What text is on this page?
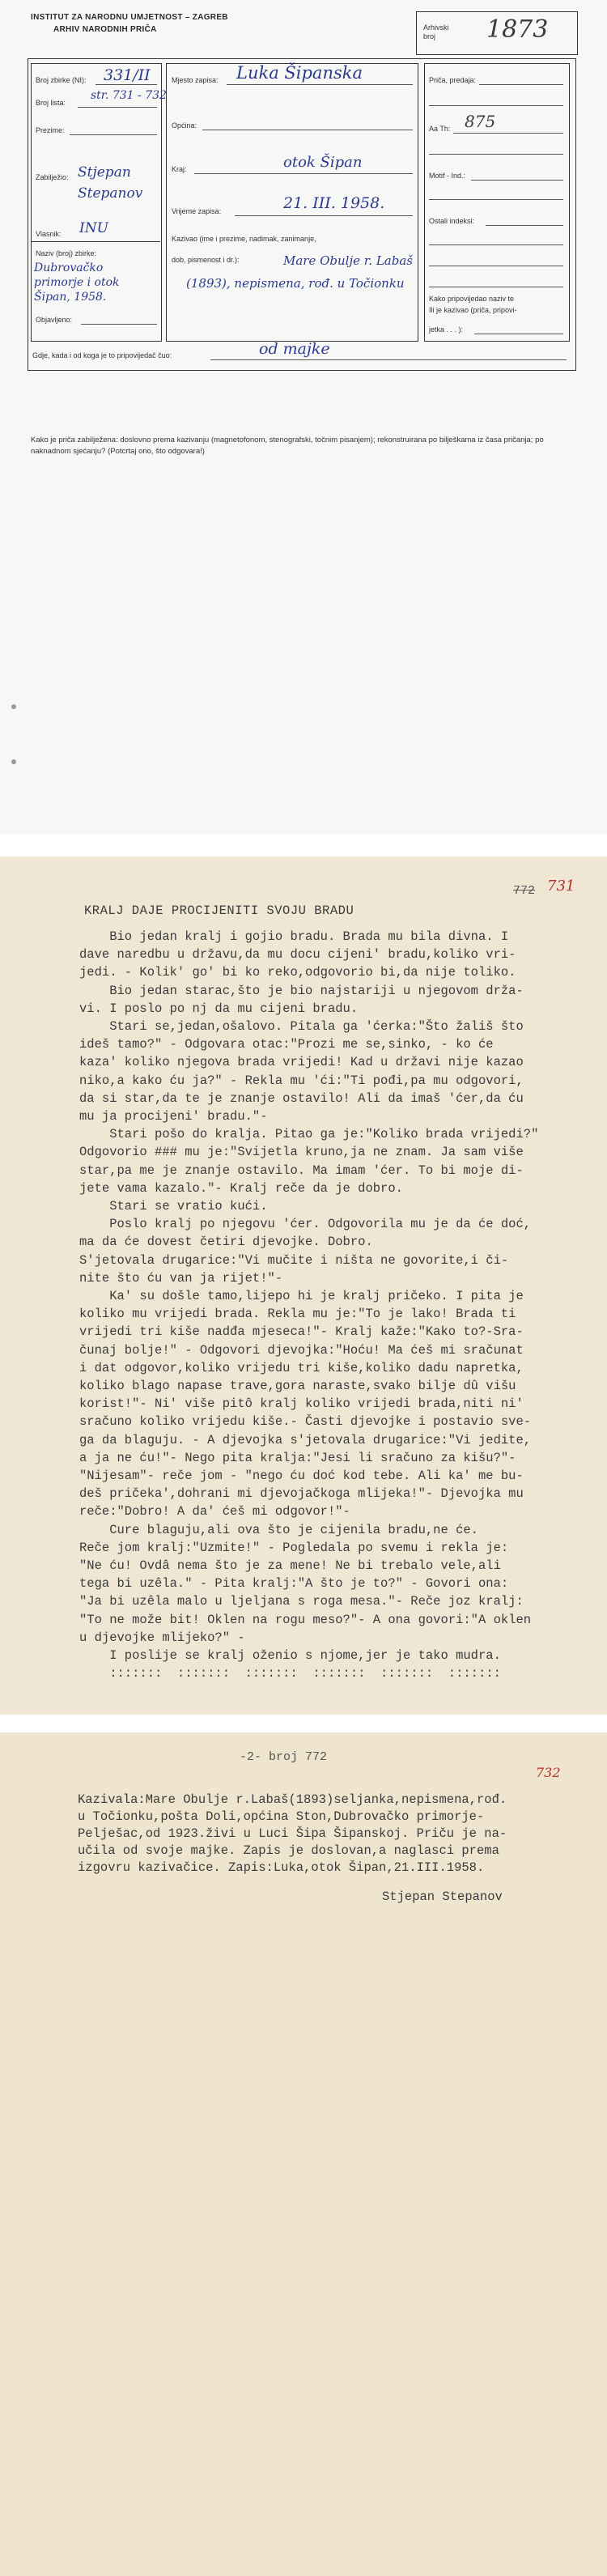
INSTITUT ZA NARODNU UMJETNOST – ZAGREB
ARHIV NARODNIH PRIČA	Arhivski broj	1873
Broj zbirke (NI): 331/II
Broj lista:
str. 731 - 732
Prezime:
Zabilježio: Stjepan Stepanov
Vlasnik: INU
Naziv (broj) zbirke:
Dubrovačko primorje i otok Šipan, 1958.
Objavljeno:
Mjesto zapisa: Luka Šipanska
Općina:
Kraj:	otok Šipan
Vrijeme zapisa:	21. III. 1958.
Kazivao (ime i prezime, nadimak, zanimanje,
dob, pismenost i dr.):	Mare Obulje r. Labaš (1893), nepismena, rođ. u Točionku
Priča, predaja:
Aa Th: 875
Motif - Ind.:
Ostali indeksi:
Kako pripovijedao naziv te
Ili je kazivao (priča, pripovi-
jetka . . . ):
Gdje, kada i od koga je to pripovijedač čuo:	od majke
Kako je priča zabilježena: doslovno prema kazivanju (magnetofonom, stenografski, točnim pisanjem); rekonstruirana po bilješkama iz časa pričanja; po naknadnom sjećanju? (Potcrtaj ono, što odgovara!)
772 731
KRALJ DAJE PROCIJENITI SVOJU BRADU
Bio jedan kralj i gojio bradu. Brada mu bila divna. I
dave naredbu u državu,da mu docu cijeni' bradu,koliko vri-
jedi. - Kolik' go' bi ko reko,odgovorio bi,da nije toliko.
Bio jedan starac,što je bio najstariji u njegovom drža-
vi. I poslo po nj da mu cijeni bradu.
Stari se,jedan,ošalovo. Pitala ga 'ćerka:"Što žališ što
ideš tamo?" - Odgovara otac:"Prozi me se,sinko, - ko će
kaza' koliko njegova brada vrijedi! Kad u državi nije kazao
niko,a kako ću ja?" - Rekla mu 'ći:"Ti pođi,pa mu odgovori,
da si star,da te je znanje ostavilo! Ali da imaš 'ćer,da ću
mu ja procijeni' bradu."-
Stari pošo do kralja. Pitao ga je:"Koliko brada vrijedi?"
Odgovorio ### mu je:"Svijetla kruno,ja ne znam. Ja sam više
star,pa me je znanje ostavilo. Ma imam 'ćer. To bi moje di-
jete vama kazalo."- Kralj reče da je dobro.
Stari se vratio kući.
Poslo kralj po njegovu 'ćer. Odgovorila mu je da će doć,
ma da će dovest četiri djevojke. Dobro.
S'jetovala drugarice:"Vi mučite i ništa ne govorite,i či-
nite što ću van ja rijet!"-
Ka' su došle tamo,lijepo hi je kralj pričeko. I pita je
koliko mu vrijedi brada. Rekla mu je:"To je lako! Brada ti
vrijedi tri kiše nadđa mjeseca!"- Kralj kaže:"Kako to?-Sra-
čunaj bolje!" - Odgovori djevojka:"Hoću! Ma ćeš mi sračunat
i dat odgovor,koliko vrijedu tri kiše,koliko dadu napretka,
koliko blago napase trave,gora naraste,svako bilje dû višu
korist!"- Ni' više pitô kralj koliko vrijedi brada,niti ni'
sračuno koliko vrijedu kiše.- Časti djevojke i postavio sve-
ga da blaguju. - A djevojka s'jetovala drugarice:"Vi jedite,
a ja ne ću!"- Nego pita kralja:"Jesi li sračuno za kišu?"-
"Nijesam"- reče jom - "nego ću doć kod tebe. Ali ka' me bu-
deš pričeka',dohrani mi djevojačkoga mlijeka!"- Djevojka mu
reče:"Dobro! A da' ćeš mi odgovor!"-
Cure blaguju,ali ova što je cijenila bradu,ne će.
Reče jom kralj:"Uzmite!" - Pogledala po svemu i rekla je:
"Ne ću! Ovdâ nema što je za mene! Ne bi trebalo vele,ali
tega bi uzêla." - Pita kralj:"A što je to?" - Govori ona:
"Ja bi uzêla malo u ljeljana s roga mesa."- Reče joz kralj:
"To ne može bit! Oklen na rogu meso?"- A ona govori:"A oklen
u djevojke mlijeko?" -
I poslije se kralj oženio s njome,jer je tako mudra.
:::::::  :::::::  :::::::  :::::::  :::::::  :::::::
-2- broj 772
732
Kazivala:Mare Obulje r.Labaš(1893)seljanka,nepismena,rođ.
u Točionku,pošta Doli,općina Ston,Dubrovačko primorje-
Pelješac,od 1923.živi u Luci Šipa Šipanskoj. Priču je na-
učila od svoje majke. Zapis je doslovan,a naglasci prema
izgovru kazivačice. Zapis:Luka,otok Šipan,21.III.1958.
Stjepan Stepanov
